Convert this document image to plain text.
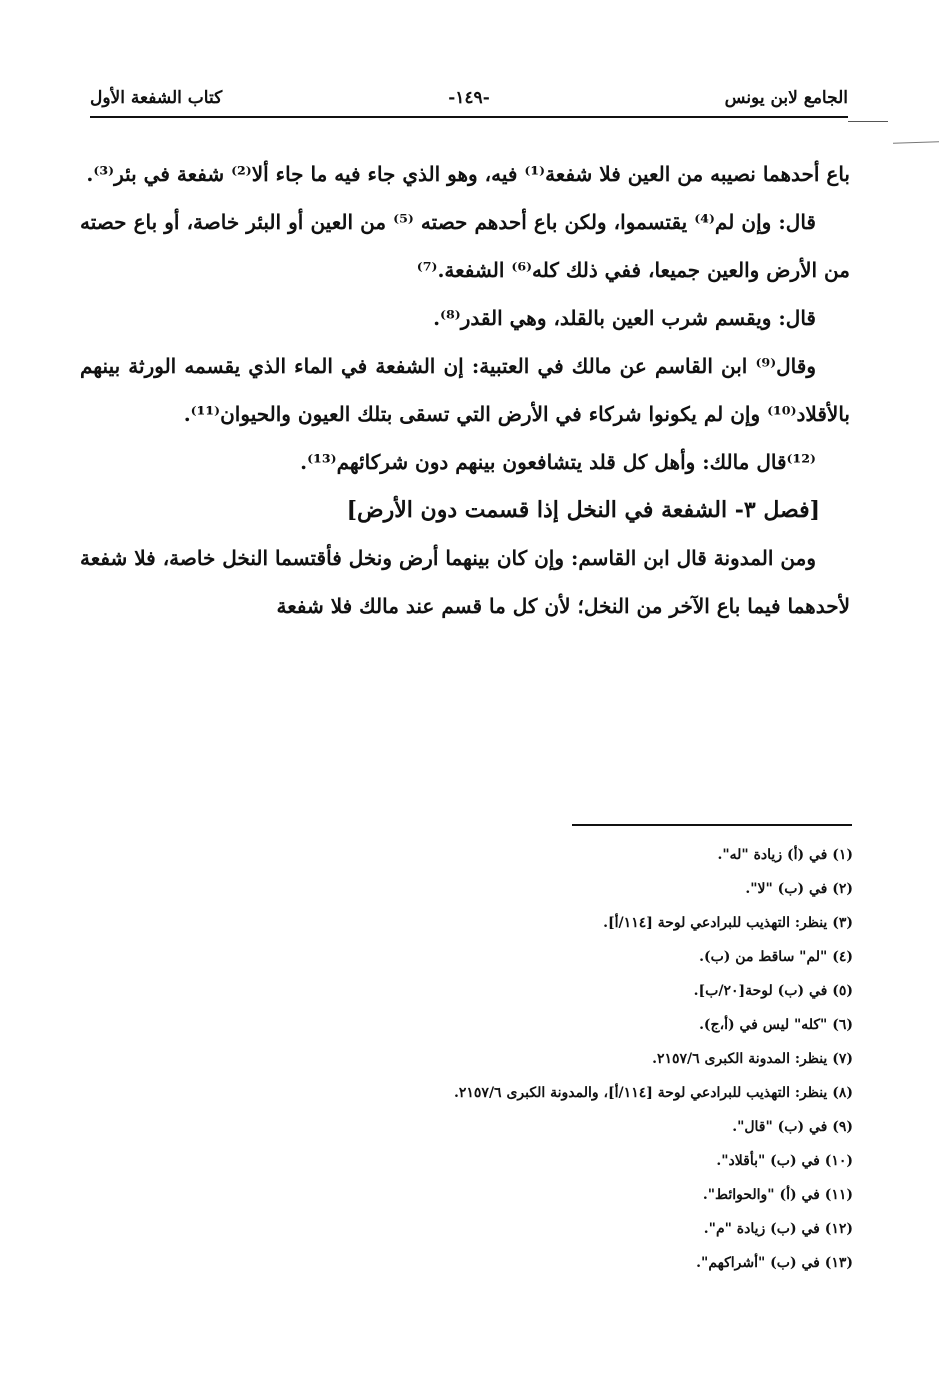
الجامع لابن يونس
-١٤٩-
كتاب الشفعة الأول

باع أحدهما نصيبه من العين فلا شفعة⁽¹⁾ فيه، وهو الذي جاء فيه ما جاء ألا⁽²⁾ شفعة في بئر⁽³⁾.

قال: وإن لم⁽⁴⁾ يقتسموا، ولكن باع أحدهم حصته ⁽⁵⁾ من العين أو البئر خاصة، أو باع حصته من الأرض والعين جميعا، ففي ذلك كله⁽⁶⁾ الشفعة.⁽⁷⁾

قال: ويقسم شرب العين بالقلد، وهي القدر⁽⁸⁾.

وقال⁽⁹⁾ ابن القاسم عن مالك في العتبية: إن الشفعة في الماء الذي يقسمه الورثة بينهم بالأقلاد⁽¹⁰⁾ وإن لم يكونوا شركاء في الأرض التي تسقى بتلك العيون والحيوان⁽¹¹⁾.

⁽¹²⁾قال مالك: وأهل كل قلد يتشافعون بينهم دون شركائهم⁽¹³⁾.

[فصل ٣- الشفعة في النخل إذا قسمت دون الأرض]

ومن المدونة قال ابن القاسم: وإن كان بينهما أرض ونخل فأقتسما النخل خاصة، فلا شفعة لأحدهما فيما باع الآخر من النخل؛ لأن كل ما قسم عند مالك فلا شفعة

(١) في (أ) زيادة "له".

(٢) في (ب) "لا".

(٣) ينظر: التهذيب للبرادعي لوحة [١١٤/أ].

(٤) "لم" ساقط من (ب).

(٥) في (ب) لوحة[٢٠/ب].

(٦) "كله" ليس في (أ،ج).

(٧) ينظر: المدونة الكبرى ٢١٥٧/٦.

(٨) ينظر: التهذيب للبرادعي لوحة [١١٤/أ]، والمدونة الكبرى ٢١٥٧/٦.

(٩) في (ب) "قال".

(١٠) في (ب) "بأقلاد".

(١١) في (أ) "والحوائط".

(١٢) في (ب) زيادة "م".

(١٣) في (ب) "أشراكهم".
